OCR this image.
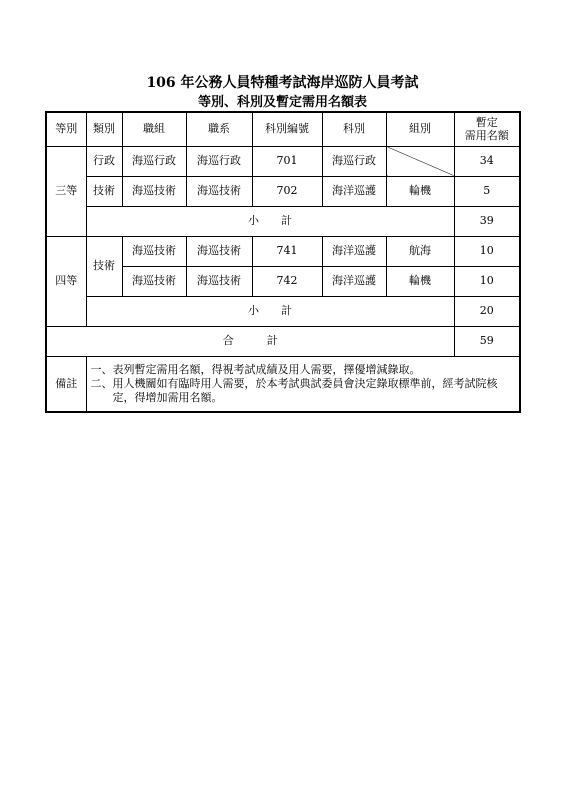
106 年公務人員特種考試海岸巡防人員考試
等別、科別及暫定需用名額表
等別	類別	職組	職系	科別編號	科別	組別	暫定
需用名額

三等	行政	海巡行政	海巡行政	701	海巡行政		34
	技術	海巡技術	海巡技術	702	海洋巡護	輪機	5
	小　　計						39
四等	技術	海巡技術	海巡技術	741	海洋巡護	航海	10
		海巡技術	海巡技術	742	海洋巡護	輪機	10
	小　　計						20
合　　　計							59
備註	一、 表列暫定需用名額，得視考試成績及用人需要，擇優增減錄取。
二、 用人機關如有臨時用人需要，於本考試典試委員會決定錄取標準前，經考試院核定，得增加需用名額。						
